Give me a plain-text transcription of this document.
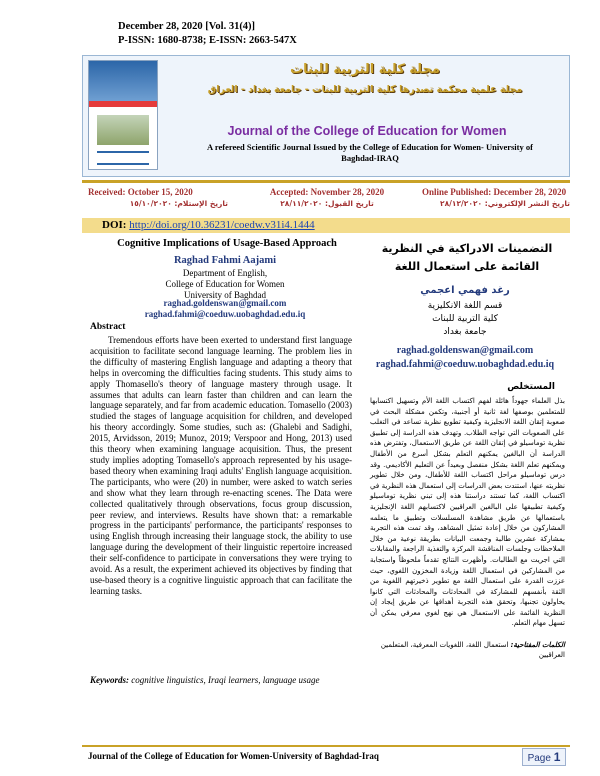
December 28, 2020 [Vol. 31(4)]
P-ISSN: 1680-8738; E-ISSN: 2663-547X
مجلة كلية التربية للبنات
مجلة علمية محكمة تصدرها كلية التربية للبنات - جامعة بغداد - العراق
Journal of the College of Education for Women
A refereed Scientific Journal Issued by the College of Education for Women- University of Baghdad-IRAQ
Received: October 15, 2020
تاريخ الإستلام: ١٥/١٠/٢٠٢٠
Accepted: November 28, 2020
تاريخ القبول: ٢٨/١١/٢٠٢٠
Online Published: December 28, 2020
تاريخ النشر الإلكتروني: ٢٨/١٢/٢٠٢٠
DOI: http://doi.org/10.36231/coedw.v31i4.1444
Cognitive Implications of Usage-Based Approach
Raghad Fahmi Aajami
Department of English,
College of Education for Women
University of Baghdad
raghad.goldenswan@gmail.com
raghad.fahmi@coeduw.uobaghdad.edu.iq
Abstract
Tremendous efforts have been exerted to understand first language acquisition to facilitate second language learning. The problem lies in the difficulty of mastering English language and adapting a theory that helps in overcoming the difficulties facing students. This study aims to apply Thomasello's theory of language mastery through usage. It assumes that adults can learn faster than children and can learn the language separately, and far from academic education. Tomasello (2003) studied the stages of language acquisition for children, and developed his theory accordingly. Some studies, such as: (Ghalebi and Sadighi, 2015, Arvidsson, 2019; Munoz, 2019; Verspoor and Hong, 2013) used this theory when examining language acquisition. Thus, the present study implies adopting Tomasello's approach represented by his usage-based theory when examining Iraqi adults' English language acquisition. The participants, who were (20) in number, were asked to watch series and show what they learn through re-enacting scenes. The Data were collected qualitatively through observations, focus group discussion, peer review, and interviews. Results have shown that: a remarkable progress in the participants' performance, the participants' responses to using English through increasing their language stock, the ability to use language during the development of their linguistic repertoire increased their self-confidence to participate in conversations they were trying to avoid. As a result, the experiment achieved its objectives by finding that use-based theory is a cognitive linguistic approach that can facilitate the learning tasks.
Keywords: cognitive linguistics, Iraqi learners, language usage
التضمينات الادراكية في النظرية القائمة على استعمال اللغة
رغد فهمي اعجمي
قسم اللغة الانكليزية
كلية التربية للبنات
جامعة بغداد
raghad.goldenswan@gmail.com
raghad.fahmi@coeduw.uobaghdad.edu.iq
المستخلص
بذل العلماء جهوداً هائلة لفهم اكتساب اللغة الأم وتسهيل اكتسابها للمتعلمين بوصفها لغة ثانية أو أجنبية، وتكمن مشكلة البحث في صعوبة إتقان اللغة الانجليزية وكيفية تطويع نظرية تساعد في التغلب على الصعوبات التي تواجه الطلاب. وتهدف هذه الدراسة إلى تطبيق نظرية توماسيلو في إتقان اللغة عن طريق الاستعمال، وتفترض هذه الدراسة أن البالغين يمكنهم التعلم بشكل أسرع من الأطفال ويمكنهم تعلم اللغة بشكل منفصل وبعيداً عن التعليم الأكاديمي. وقد درس توماسيلو مراحل اكتساب اللغة للأطفال، ومن خلال تطوير نظريته عنها، استندت بعض الدراسات إلى استعمال هذه النظرية في اكتساب اللغة، كما تستند دراستنا هذه إلى تبني نظرية توماسيلو وكيفية تطبيقها على البالغين العراقيين لاكتسابهم اللغة الإنجليزية باستعمالها عن طريق مشاهدة المسلسلات وتطبيق ما يتعلمه المشاركون من خلال إعادة تمثيل المشاهد، وقد تمت هذه التجربة بمشاركة عشرين طالبة وجمعت البيانات بطريقة نوعية من خلال الملاحظات وجلسات المناقشة المركزة والتغذية الراجعة والمقابلات التي اجريت مع الطالبات. وأظهرت النتائج تقدماً ملحوظاً واستجابة من المشاركين في استعمال اللغة وزيادة المخزون اللغوي، حيث عززت القدرة على استعمال اللغة مع تطوير ذخيرتهم اللغوية من الثقة بأنفسهم للمشاركة في المحادثات والمحادثات التي كانوا يحاولون تجنبها، وتحقق هذه التجربة أهدافها عن طريق إيجاد إن النظرية القائمة على الاستعمال هي نهج لغوي معرفي يمكن أن تسهل مهام التعلم.
الكلمات المفتاحية: استعمال اللغة، اللغويات المعرفية، المتعلمين العراقيين
Journal of the College of Education for Women-University of Baghdad-Iraq	Page 1
